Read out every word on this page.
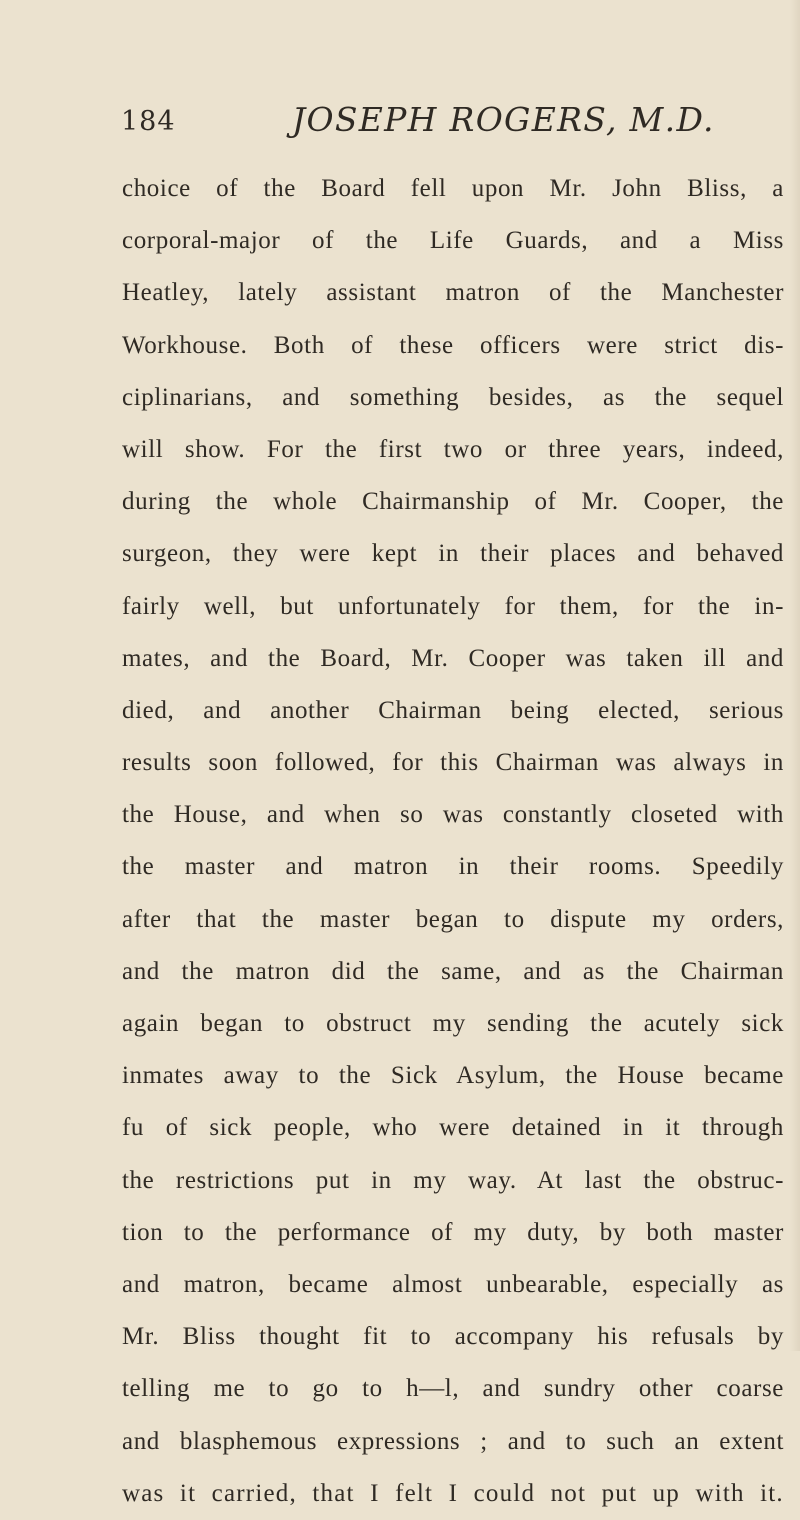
184	JOSEPH ROGERS, M.D.
choice of the Board fell upon Mr. John Bliss, a
corporal-major of the Life Guards, and a Miss
Heatley, lately assistant matron of the Manchester
Workhouse. Both of these officers were strict dis-
ciplinarians, and something besides, as the sequel
will show. For the first two or three years, indeed,
during the whole Chairmanship of Mr. Cooper, the
surgeon, they were kept in their places and behaved
fairly well, but unfortunately for them, for the in-
mates, and the Board, Mr. Cooper was taken ill and
died, and another Chairman being elected, serious
results soon followed, for this Chairman was always in
the House, and when so was constantly closeted with
the master and matron in their rooms. Speedily
after that the master began to dispute my orders,
and the matron did the same, and as the Chairman
again began to obstruct my sending the acutely sick
inmates away to the Sick Asylum, the House became
fu of sick people, who were detained in it through
the restrictions put in my way. At last the obstruc-
tion to the performance of my duty, by both master
and matron, became almost unbearable, especially as
Mr. Bliss thought fit to accompany his refusals by
telling me to go to h—l, and sundry other coarse
and blasphemous expressions ; and to such an extent
was it carried, that I felt I could not put up with it.
